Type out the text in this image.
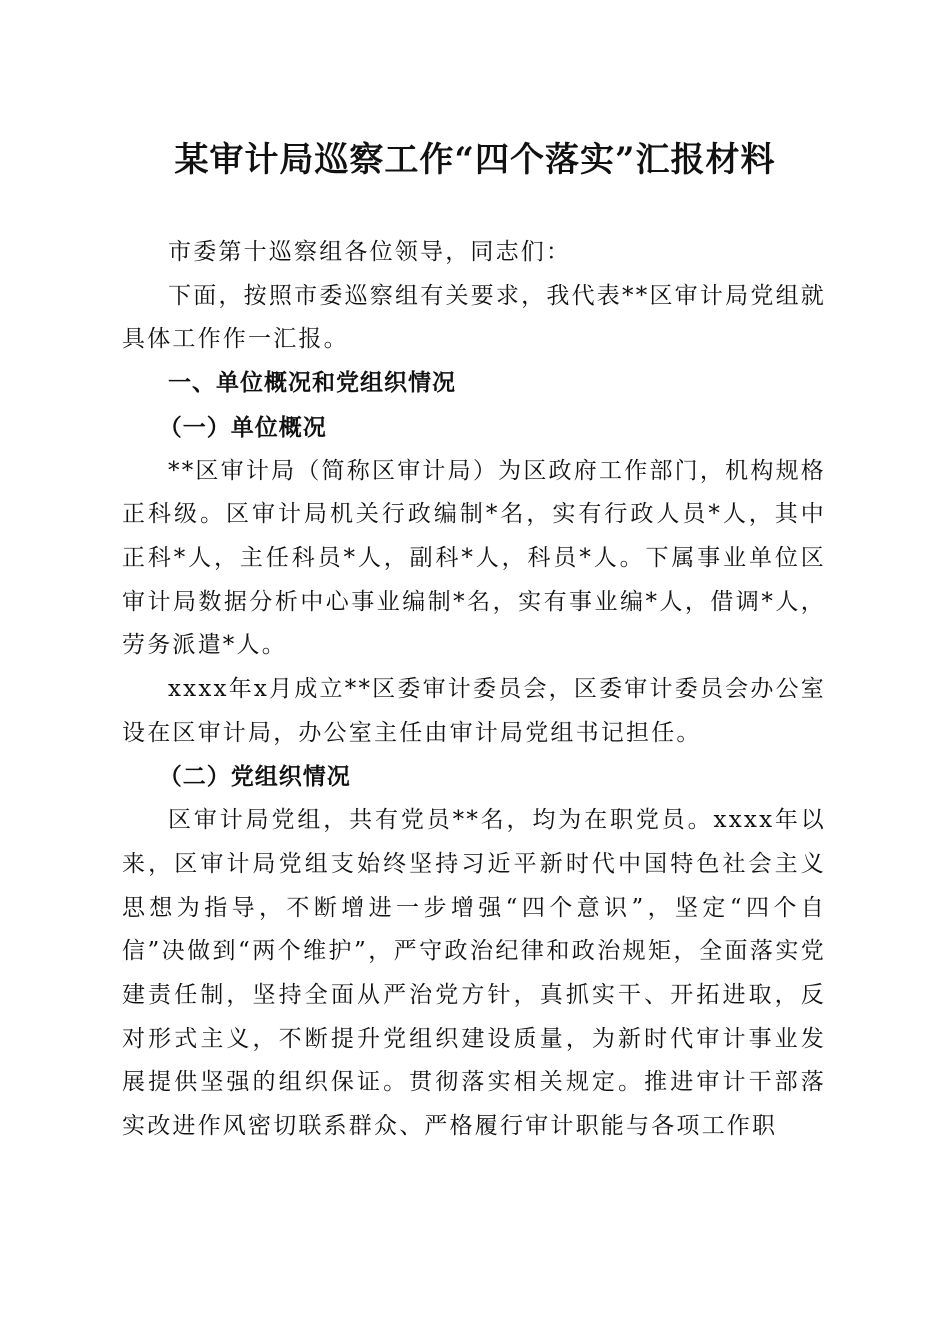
某审计局巡察工作“四个落实”汇报材料

市委第十巡察组各位领导，同志们：

下面，按照市委巡察组有关要求，我代表**区审计局党组就具体工作作一汇报。

一、单位概况和党组织情况

（一）单位概况

**区审计局（简称区审计局）为区政府工作部门，机构规格正科级。区审计局机关行政编制*名，实有行政人员*人，其中正科*人，主任科员*人，副科*人，科员*人。下属事业单位区审计局数据分析中心事业编制*名，实有事业编*人，借调*人，劳务派遣*人。

xxxx年x月成立**区委审计委员会，区委审计委员会办公室设在区审计局，办公室主任由审计局党组书记担任。

（二）党组织情况

区审计局党组，共有党员**名，均为在职党员。xxxx年以来，区审计局党组支始终坚持习近平新时代中国特色社会主义思想为指导，不断增进一步增强“四个意识”，坚定“四个自信”决做到“两个维护”，严守政治纪律和政治规矩，全面落实党建责任制，坚持全面从严治党方针，真抓实干、开拓进取，反对形式主义，不断提升党组织建设质量，为新时代审计事业发展提供坚强的组织保证。贯彻落实相关规定。推进审计干部落实改进作风密切联系群众、严格履行审计职能与各项工作职
